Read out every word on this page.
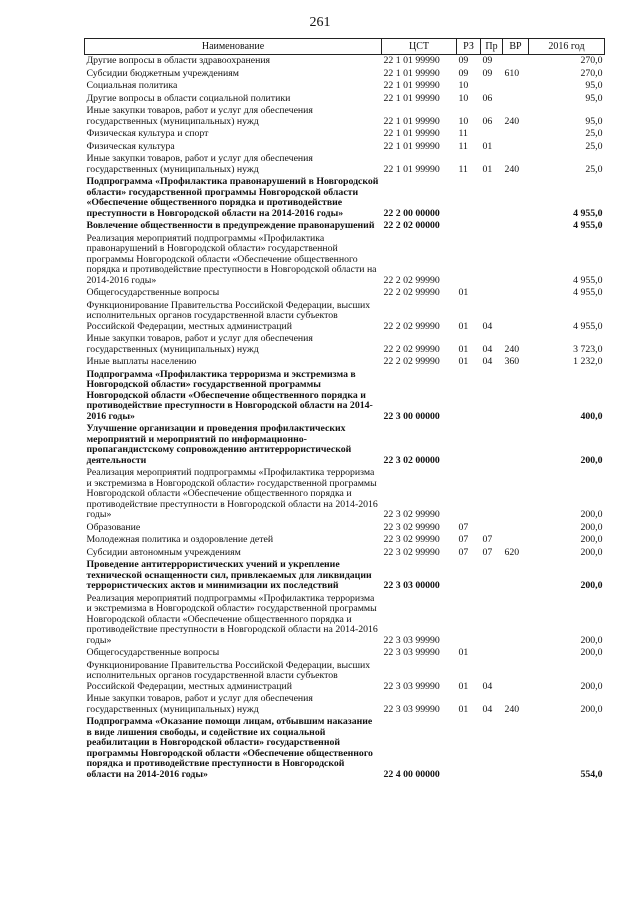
261
Наименование	ЦСТ	РЗ	Пр	ВР	2016 год
Другие вопросы в области здравоохранения	22 1 01 99990	09	09		270,0
Субсидии бюджетным учреждениям	22 1 01 99990	09	09	610	270,0
Социальная политика	22 1 01 99990	10			95,0
Другие вопросы в области социальной политики	22 1 01 99990	10	06		95,0
Иные закупки товаров, работ и услуг для обеспечения государственных (муниципальных) нужд	22 1 01 99990	10	06	240	95,0
Физическая культура и спорт	22 1 01 99990	11			25,0
Физическая культура	22 1 01 99990	11	01		25,0
Иные закупки товаров, работ и услуг для обеспечения государственных (муниципальных) нужд	22 1 01 99990	11	01	240	25,0
Подпрограмма «Профилактика правонарушений в Новгородской области» государственной программы Новгородской области «Обеспечение общественного порядка и противодействие преступности в Новгородской области на 2014-2016 годы»	22 2 00 00000				4 955,0
Вовлечение общественности в предупреждение правонарушений	22 2 02 00000				4 955,0
Реализация мероприятий подпрограммы «Профилактика правонарушений в Новгородской области» государственной программы Новгородской области «Обеспечение общественного порядка и противодействие преступности в Новгородской области на 2014-2016 годы»	22 2 02 99990				4 955,0
Общегосударственные вопросы	22 2 02 99990	01			4 955,0
Функционирование Правительства Российской Федерации, высших исполнительных органов государственной власти субъектов Российской Федерации, местных администраций	22 2 02 99990	01	04		4 955,0
Иные закупки товаров, работ и услуг для обеспечения государственных (муниципальных) нужд	22 2 02 99990	01	04	240	3 723,0
Иные выплаты населению	22 2 02 99990	01	04	360	1 232,0
Подпрограмма «Профилактика терроризма и экстремизма в Новгородской области» государственной программы Новгородской области «Обеспечение общественного порядка и противодействие преступности в Новгородской области на 2014-2016 годы»	22 3 00 00000				400,0
Улучшение организации и проведения профилактических мероприятий и мероприятий по информационно-пропагандистскому сопровождению антитеррористической деятельности	22 3 02 00000				200,0
Реализация мероприятий подпрограммы «Профилактика терроризма и экстремизма в Новгородской области» государственной программы Новгородской области «Обеспечение общественного порядка и противодействие преступности в Новгородской области на 2014-2016 годы»	22 3 02 99990				200,0
Образование	22 3 02 99990	07			200,0
Молодежная политика и оздоровление детей	22 3 02 99990	07	07		200,0
Субсидии автономным учреждениям	22 3 02 99990	07	07	620	200,0
Проведение антитеррористических учений и укрепление технической оснащенности сил, привлекаемых для ликвидации террористических актов и минимизации их последствий	22 3 03 00000				200,0
Реализация мероприятий подпрограммы «Профилактика терроризма и экстремизма в Новгородской области» государственной программы Новгородской области «Обеспечение общественного порядка и противодействие преступности в Новгородской области на 2014-2016 годы»	22 3 03 99990				200,0
Общегосударственные вопросы	22 3 03 99990	01			200,0
Функционирование Правительства Российской Федерации, высших исполнительных органов государственной власти субъектов Российской Федерации, местных администраций	22 3 03 99990	01	04		200,0
Иные закупки товаров, работ и услуг для обеспечения государственных (муниципальных) нужд	22 3 03 99990	01	04	240	200,0
Подпрограмма «Оказание помощи лицам, отбывшим наказание в виде лишения свободы, и содействие их социальной реабилитации в Новгородской области» государственной программы Новгородской области «Обеспечение общественного порядка и противодействие преступности в Новгородской области на 2014-2016 годы»	22 4 00 00000				554,0
